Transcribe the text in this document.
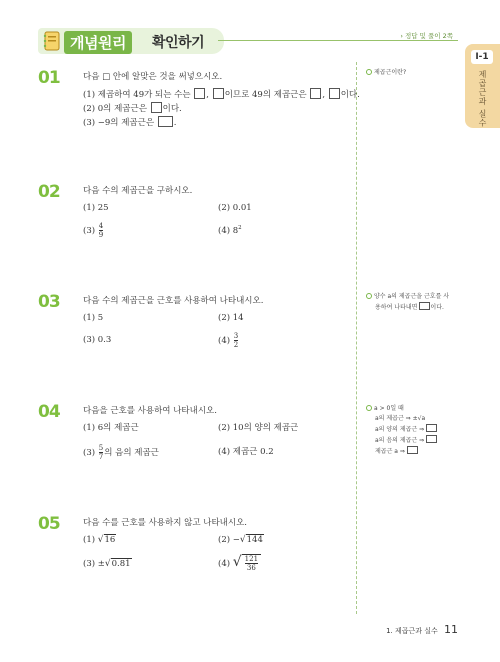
개념원리	확인하기	› 정답 및 풀이 2쪽
I-1
제곱근과 실수
01	다음 □ 안에 알맞은 것을 써넣으시오.
(1) 제곱하여 49가 되는 수는 , 이므로 49의 제곱근은 , 이다.
(2) 0의 제곱근은 이다.
(3) −9의 제곱근은 .
02	다음 수의 제곱근을 구하시오.
(1) 25	(2) 0.01
$(3) \frac{4}{9}$	(4) $8^2$
03	다음 수의 제곱근을 근호를 사용하여 나타내시오.
(1) 5	(2) 14
(3) 0.3	$(4) \frac{3}{2}$
04	다음을 근호를 사용하여 나타내시오.
(1) 6의 제곱근	(2) 10의 양의 제곱근
$(3) \frac{5}{7}$ 의 음의 제곱근	(4) 제곱근 0.2
05	다음 수를 근호를 사용하지 않고 나타내시오.
(1) √16	(2) −√144
(3) ±√0.81	(4) √ $\frac{121}{36}$
제곱근이란?
양수 a의 제곱근을 근호를 사
용하여 나타내면 이다.
a > 0일 때
a의 제곱근 ⇒ ±√a
a의 양의 제곱근 ⇒
a의 음의 제곱근 ⇒
제곱근 a ⇒
1. 제곱근과 실수 11
